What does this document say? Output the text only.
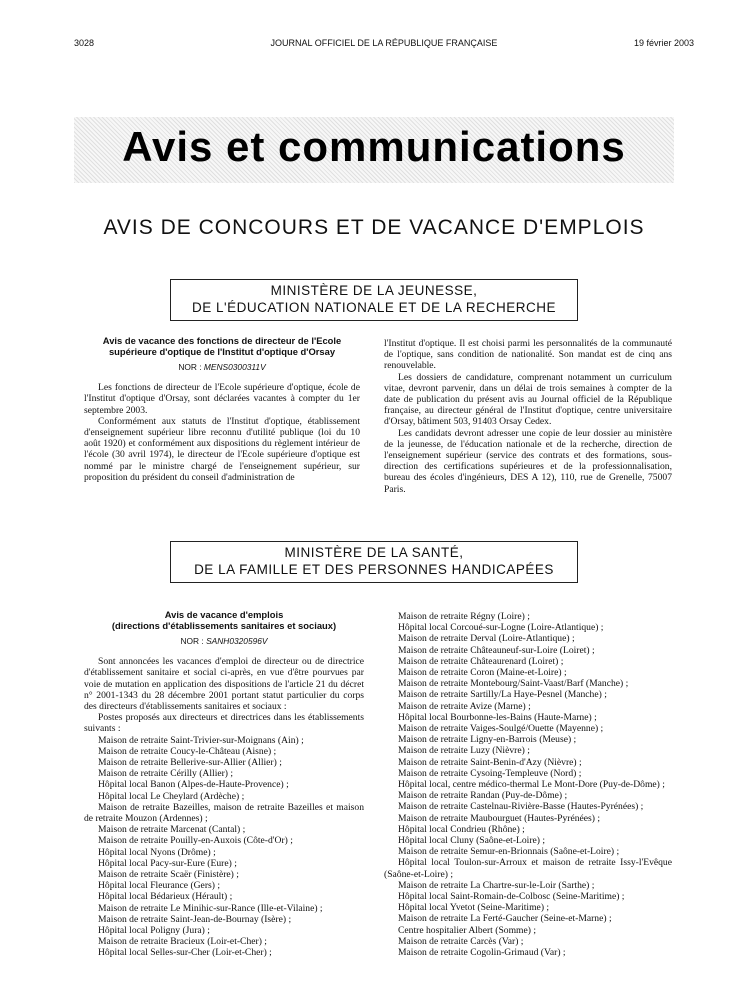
3028	JOURNAL OFFICIEL DE LA RÉPUBLIQUE FRANÇAISE	19 février 2003
Avis et communications
AVIS DE CONCOURS ET DE VACANCE D'EMPLOIS
MINISTÈRE DE LA JEUNESSE,
DE L'ÉDUCATION NATIONALE ET DE LA RECHERCHE

Avis de vacance des fonctions de directeur de l'Ecole supérieure d'optique de l'Institut d'optique d'Orsay

NOR : MENS0300311V

Les fonctions de directeur de l'Ecole supérieure d'optique, école de l'Institut d'optique d'Orsay, sont déclarées vacantes à compter du 1er septembre 2003.

Conformément aux statuts de l'Institut d'optique, établissement d'enseignement supérieur libre reconnu d'utilité publique (loi du 10 août 1920) et conformément aux dispositions du règlement intérieur de l'école (30 avril 1974), le directeur de l'Ecole supérieure d'optique est nommé par le ministre chargé de l'enseignement supérieur, sur proposition du président du conseil d'administration de

l'Institut d'optique. Il est choisi parmi les personnalités de la communauté de l'optique, sans condition de nationalité. Son mandat est de cinq ans renouvelable.

Les dossiers de candidature, comprenant notamment un curriculum vitae, devront parvenir, dans un délai de trois semaines à compter de la date de publication du présent avis au Journal officiel de la République française, au directeur général de l'Institut d'optique, centre universitaire d'Orsay, bâtiment 503, 91403 Orsay Cedex.

Les candidats devront adresser une copie de leur dossier au ministère de la jeunesse, de l'éducation nationale et de la recherche, direction de l'enseignement supérieur (service des contrats et des formations, sous-direction des certifications supérieures et de la professionnalisation, bureau des écoles d'ingénieurs, DES A 12), 110, rue de Grenelle, 75007 Paris.

MINISTÈRE DE LA SANTÉ,
DE LA FAMILLE ET DES PERSONNES HANDICAPÉES

Avis de vacance d'emplois

(directions d'établissements sanitaires et sociaux)

NOR : SANH0320596V

Sont annoncées les vacances d'emploi de directeur ou de directrice d'établissement sanitaire et social ci-après, en vue d'être pourvues par voie de mutation en application des dispositions de l'article 21 du décret n° 2001-1343 du 28 décembre 2001 portant statut particulier du corps des directeurs d'établissements sanitaires et sociaux :

Postes proposés aux directeurs et directrices dans les établissements suivants :

Maison de retraite Saint-Trivier-sur-Moignans (Ain) ;

Maison de retraite Coucy-le-Château (Aisne) ;

Maison de retraite Bellerive-sur-Allier (Allier) ;

Maison de retraite Cérilly (Allier) ;

Hôpital local Banon (Alpes-de-Haute-Provence) ;

Hôpital local Le Cheylard (Ardèche) ;

Maison de retraite Bazeilles, maison de retraite Bazeilles et maison de retraite Mouzon (Ardennes) ;

Maison de retraite Marcenat (Cantal) ;

Maison de retraite Pouilly-en-Auxois (Côte-d'Or) ;

Hôpital local Nyons (Drôme) ;

Hôpital local Pacy-sur-Eure (Eure) ;

Maison de retraite Scaër (Finistère) ;

Hôpital local Fleurance (Gers) ;

Hôpital local Bédarieux (Hérault) ;

Maison de retraite Le Minihic-sur-Rance (Ille-et-Vilaine) ;

Maison de retraite Saint-Jean-de-Bournay (Isère) ;

Hôpital local Poligny (Jura) ;

Maison de retraite Bracieux (Loir-et-Cher) ;

Hôpital local Selles-sur-Cher (Loir-et-Cher) ;

Maison de retraite Régny (Loire) ;

Hôpital local Corcoué-sur-Logne (Loire-Atlantique) ;

Maison de retraite Derval (Loire-Atlantique) ;

Maison de retraite Châteauneuf-sur-Loire (Loiret) ;

Maison de retraite Châteaurenard (Loiret) ;

Maison de retraite Coron (Maine-et-Loire) ;

Maison de retraite Montebourg/Saint-Vaast/Barf (Manche) ;

Maison de retraite Sartilly/La Haye-Pesnel (Manche) ;

Maison de retraite Avize (Marne) ;

Hôpital local Bourbonne-les-Bains (Haute-Marne) ;

Maison de retraite Vaiges-Soulgé/Ouette (Mayenne) ;

Maison de retraite Ligny-en-Barrois (Meuse) ;

Maison de retraite Luzy (Nièvre) ;

Maison de retraite Saint-Benin-d'Azy (Nièvre) ;

Maison de retraite Cysoing-Templeuve (Nord) ;

Hôpital local, centre médico-thermal Le Mont-Dore (Puy-de-Dôme) ;

Maison de retraite Randan (Puy-de-Dôme) ;

Maison de retraite Castelnau-Rivière-Basse (Hautes-Pyrénées) ;

Maison de retraite Maubourguet (Hautes-Pyrénées) ;

Hôpital local Condrieu (Rhône) ;

Hôpital local Cluny (Saône-et-Loire) ;

Maison de retraite Semur-en-Brionnais (Saône-et-Loire) ;

Hôpital local Toulon-sur-Arroux et maison de retraite Issy-l'Evêque (Saône-et-Loire) ;

Maison de retraite La Chartre-sur-le-Loir (Sarthe) ;

Hôpital local Saint-Romain-de-Colbosc (Seine-Maritime) ;

Hôpital local Yvetot (Seine-Maritime) ;

Maison de retraite La Ferté-Gaucher (Seine-et-Marne) ;

Centre hospitalier Albert (Somme) ;

Maison de retraite Carcès (Var) ;

Maison de retraite Cogolin-Grimaud (Var) ;
